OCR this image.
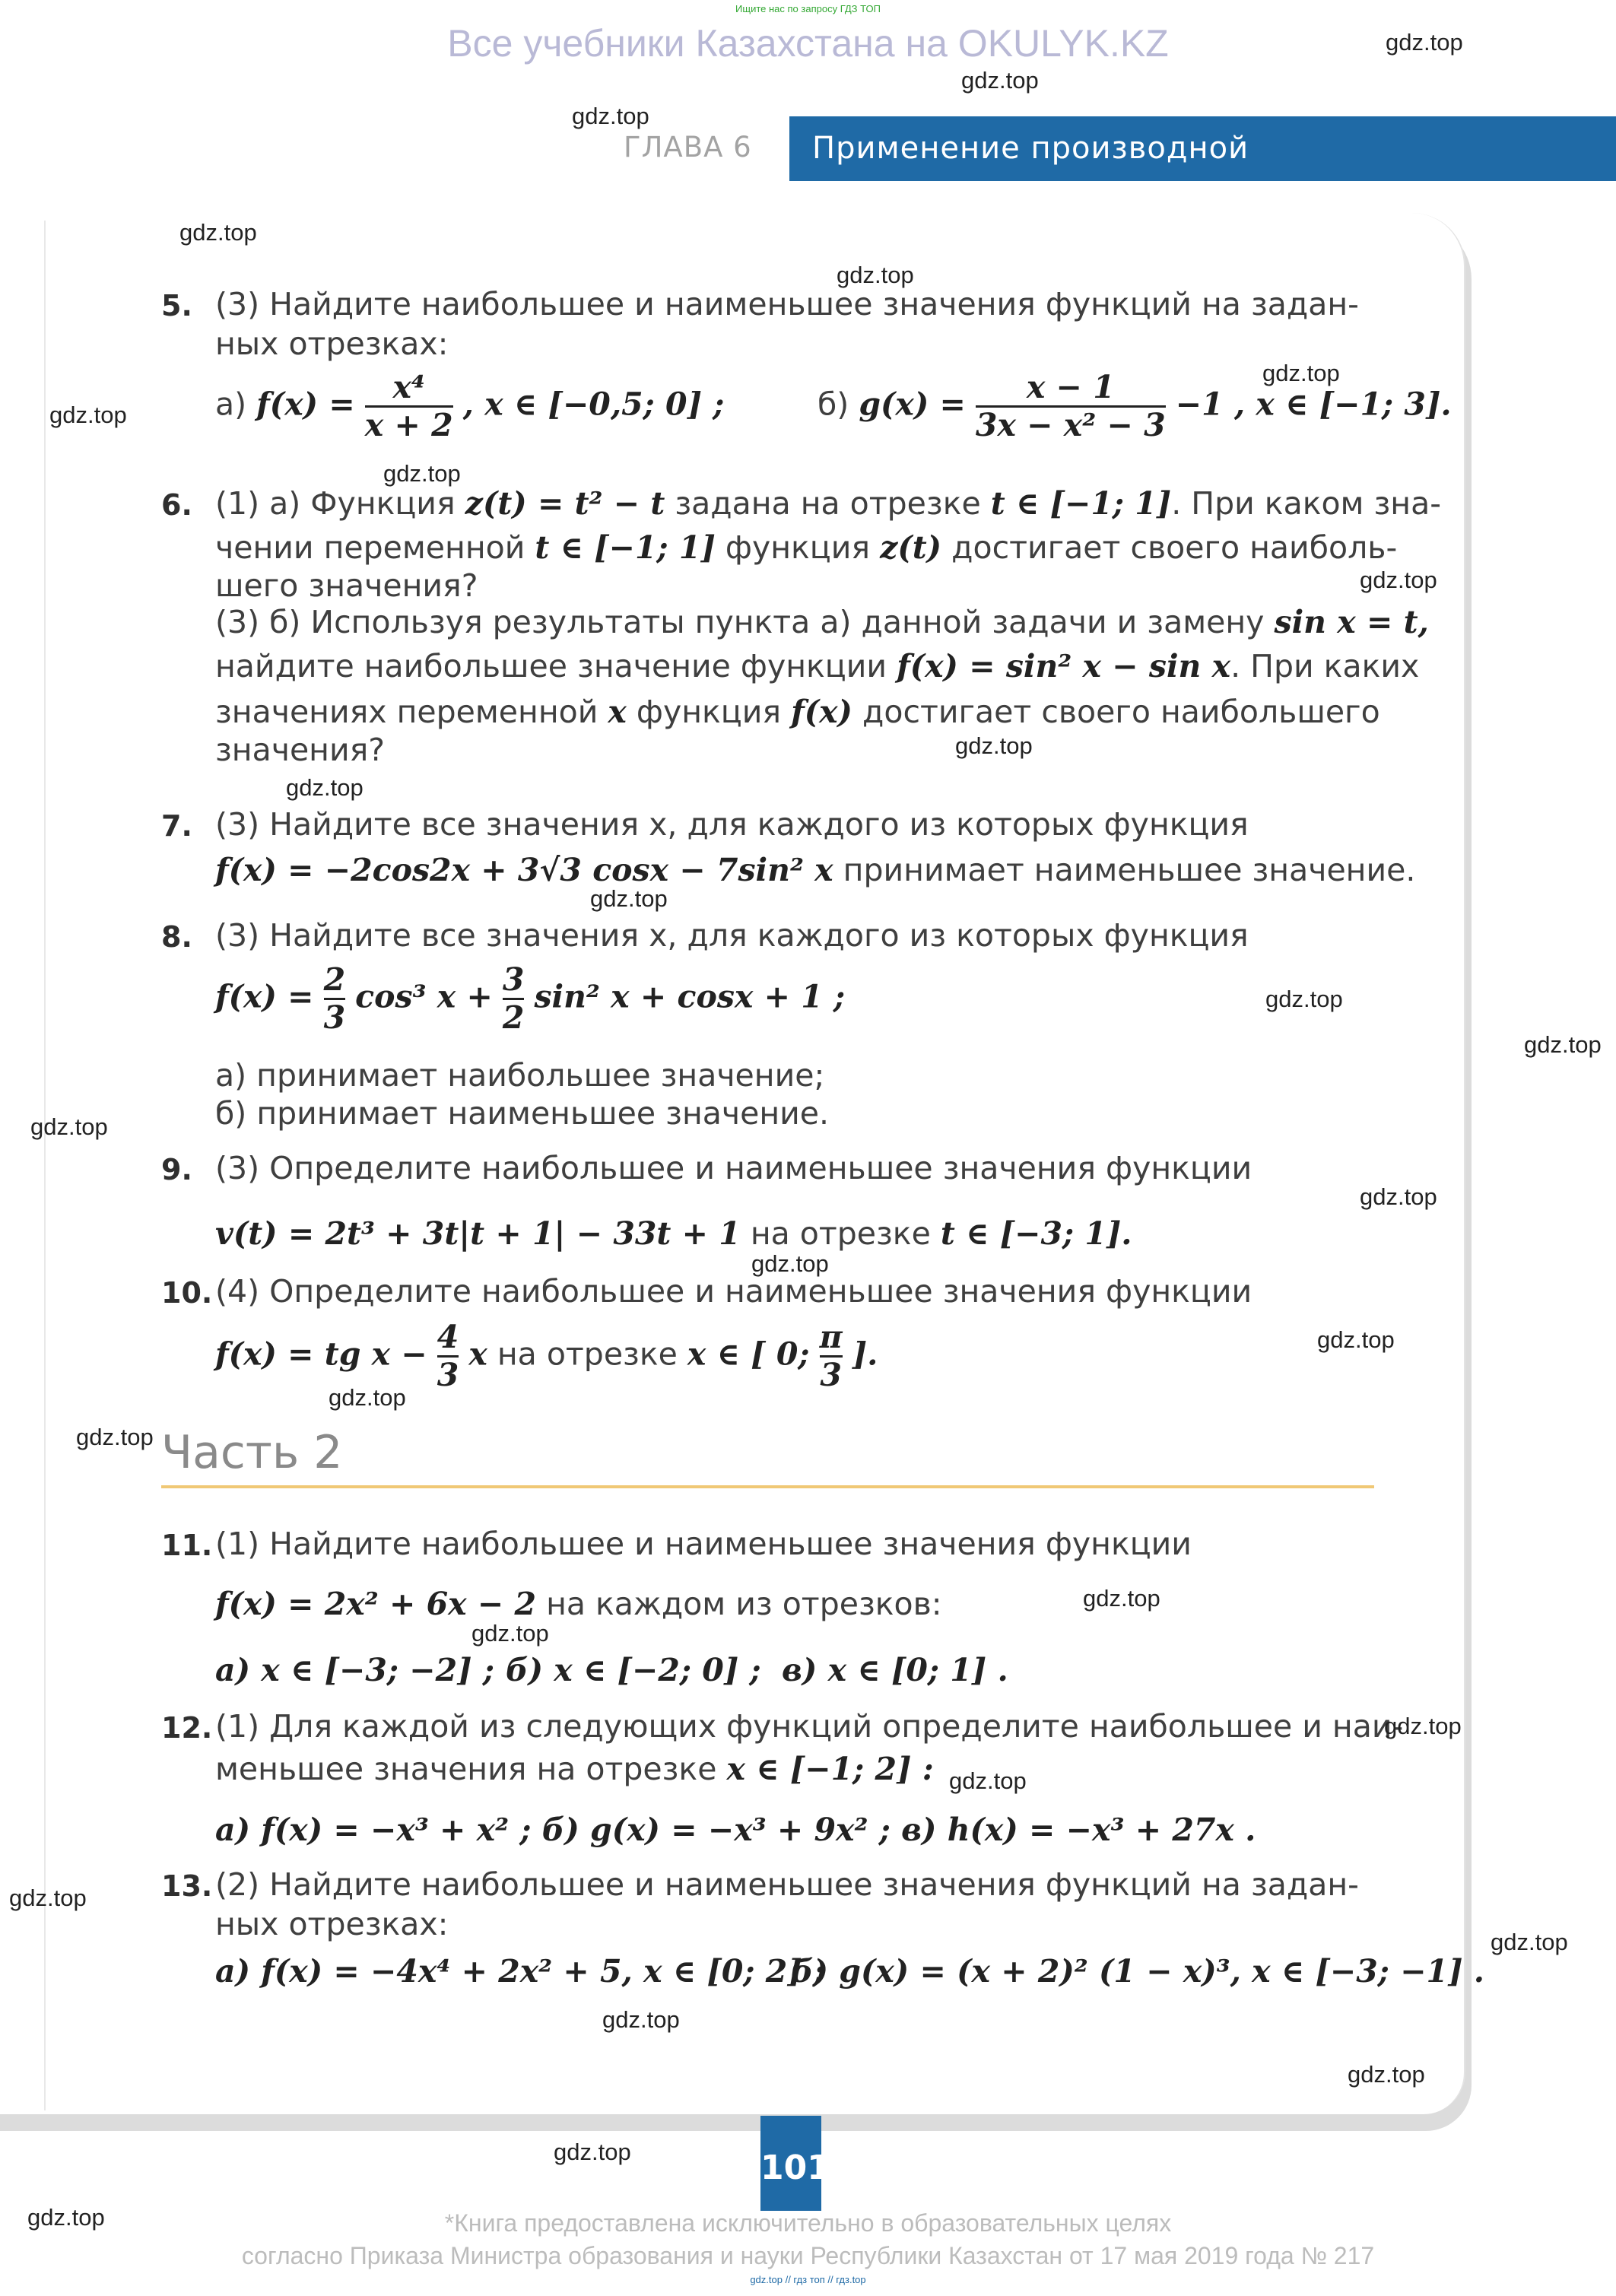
Ищите нас по запросу ГДЗ ТОП
Все учебники Казахстана на OKULYK.KZ
ГЛАВА 6 Применение производной
5. (3) Найдите наибольшее и наименьшее значения функций на задан-
ных отрезках:
а) $f(x) = \frac{\text{x⁴}}{x + 2}$ , x ∈ [−0,5; 0] ;	б) $g(x) = \frac{x - 1}{\text{3x − x² − 3}} -1$ , x ∈ [−1; 3].
6. (1) а) Функция z(t) = t² − t задана на отрезке t ∈ [−1; 1]. При каком зна-
чении переменной t ∈ [−1; 1] функция z(t) достигает своего наиболь-
шего значения?
(3) б) Используя результаты пункта а) данной задачи и замену sin x = t,
найдите наибольшее значение функции f(x) = sin² x − sin x. При каких
значениях переменной x функция f(x) достигает своего наибольшего
значения?
7. (3) Найдите все значения x, для каждого из которых функция
f(x) = −2cos2x + 3√3 cosx − 7sin² x принимает наименьшее значение.
8. (3) Найдите все значения x, для каждого из которых функция
$f(x) = \frac{2}{3} \cos^3$ $x + \frac{3}{2} \sin^2$ x + cosx + 1 ;
а) принимает наибольшее значение;
б) принимает наименьшее значение.
9. (3) Определите наибольшее и наименьшее значения функции
v(t) = 2t³ + 3t|t + 1| − 33t + 1 на отрезке t ∈ [−3; 1].
10. (4) Определите наибольшее и наименьшее значения функции
f(x) = tg $x - \frac{4}{3}$ x на отрезке x ∈ [ 0; $\frac{\pi}{3}$ ].
Часть 2
11. (1) Найдите наибольшее и наименьшее значения функции
f(x) = 2x² + 6x − 2 на каждом из отрезков:
а) x ∈ [−3; −2] ; б) x ∈ [−2; 0] ; в) x ∈ [0; 1] .
12. (1) Для каждой из следующих функций определите наибольшее и наи-
меньшее значения на отрезке x ∈ [−1; 2] :
а) f(x) = −x³ + x² ; б) g(x) = −x³ + 9x² ; в) h(x) = −x³ + 27x .
13. (2) Найдите наибольшее и наименьшее значения функций на задан-
ных отрезках:
а) f(x) = −4x⁴ + 2x² + 5, x ∈ [0; 2] ;
б) g(x) = (x + 2)² (1 − x)³, x ∈ [−3; −1] .
101
*Книга предоставлена исключительно в образовательных целях
согласно Приказа Министра образования и науки Республики Казахстан от 17 мая 2019 года № 217
gdz.top // гдз топ // гдз.top
gdz.top
gdz.top
gdz.top
gdz.top
gdz.top
gdz.top
gdz.top
gdz.top
gdz.top
gdz.top
gdz.top
gdz.top
gdz.top
gdz.top
gdz.top
gdz.top
gdz.top
gdz.top
gdz.top
gdz.top
gdz.top
gdz.top
gdz.top
gdz.top
gdz.top
gdz.top
gdz.top
gdz.top
gdz.top
gdz.top
